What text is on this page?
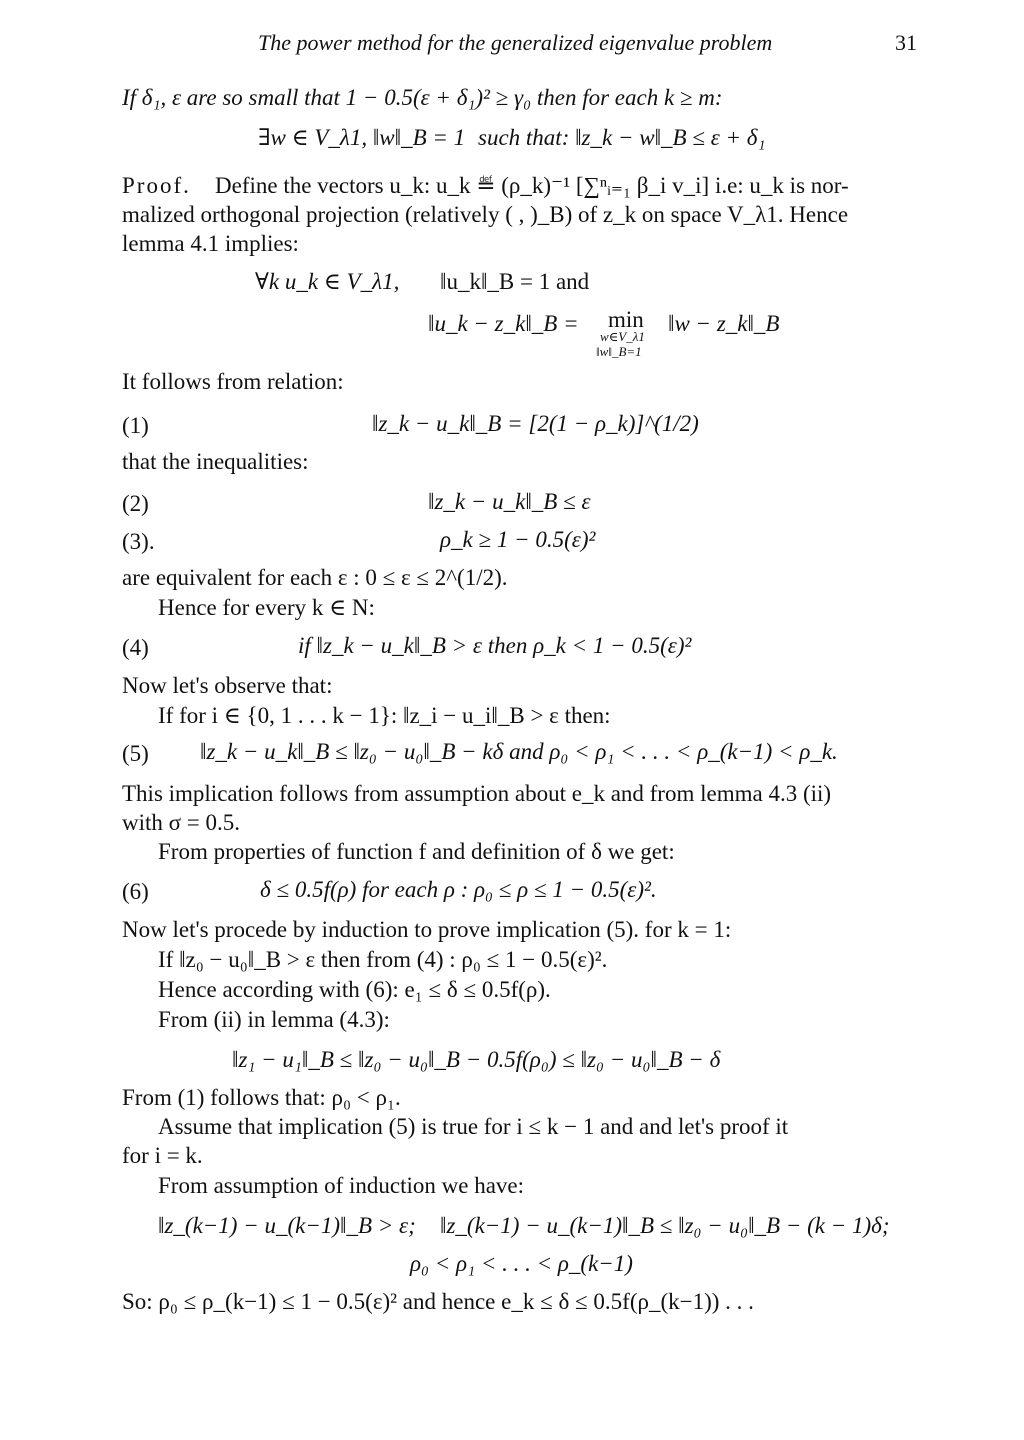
The power method for the generalized eigenvalue problem	31
If δ₁, ε are so small that 1 − 0.5(ε + δ₁)² ≥ γ₀ then for each k ≥ m:
∃w ∈ V_λ1, ‖w‖_B = 1 such that: ‖z_k − w‖_B ≤ ε + δ₁
Proof. Define the vectors u_k: u_k ≝ (ρ_k)⁻¹ [∑ⁿᵢ₌₁ β_i v_i] i.e: u_k is nor-
malized orthogonal projection (relatively ( , )_B) of z_k on space V_λ1. Hence
lemma 4.1 implies:
∀k u_k ∈ V_λ1, ‖u_k‖_B = 1 and
‖u_k − z_k‖_B = min
w∈V_λ1
‖w‖_B=1
‖w − z_k‖_B
It follows from relation:
(1)	‖z_k − u_k‖_B = [2(1 − ρ_k)]^(1/2)
that the inequalities:
(2)	‖z_k − u_k‖_B ≤ ε
(3).	ρ_k ≥ 1 − 0.5(ε)²
are equivalent for each ε : 0 ≤ ε ≤ 2^(1/2).
Hence for every k ∈ N:
(4)	if ‖z_k − u_k‖_B > ε then ρ_k < 1 − 0.5(ε)²
Now let's observe that:
If for i ∈ {0, 1 . . . k − 1}: ‖z_i − u_i‖_B > ε then:
(5) ‖z_k − u_k‖_B ≤ ‖z₀ − u₀‖_B − kδ and ρ₀ < ρ₁ < . . . < ρ_(k−1) < ρ_k.
This implication follows from assumption about e_k and from lemma 4.3 (ii)
with σ = 0.5.
From properties of function f and definition of δ we get:
(6)	δ ≤ 0.5f(ρ) for each ρ : ρ₀ ≤ ρ ≤ 1 − 0.5(ε)².
Now let's procede by induction to prove implication (5). for k = 1:
If ‖z₀ − u₀‖_B > ε then from (4) : ρ₀ ≤ 1 − 0.5(ε)².
Hence according with (6): e₁ ≤ δ ≤ 0.5f(ρ).
From (ii) in lemma (4.3):
‖z₁ − u₁‖_B ≤ ‖z₀ − u₀‖_B − 0.5f(ρ₀) ≤ ‖z₀ − u₀‖_B − δ
From (1) follows that: ρ₀ < ρ₁.
Assume that implication (5) is true for i ≤ k − 1 and and let's proof it
for i = k.
From assumption of induction we have:
‖z_(k−1) − u_(k−1)‖_B > ε; ‖z_(k−1) − u_(k−1)‖_B ≤ ‖z₀ − u₀‖_B − (k − 1)δ;
ρ₀ < ρ₁ < . . . < ρ_(k−1)
So: ρ₀ ≤ ρ_(k−1) ≤ 1 − 0.5(ε)² and hence e_k ≤ δ ≤ 0.5f(ρ_(k−1)) . . .
